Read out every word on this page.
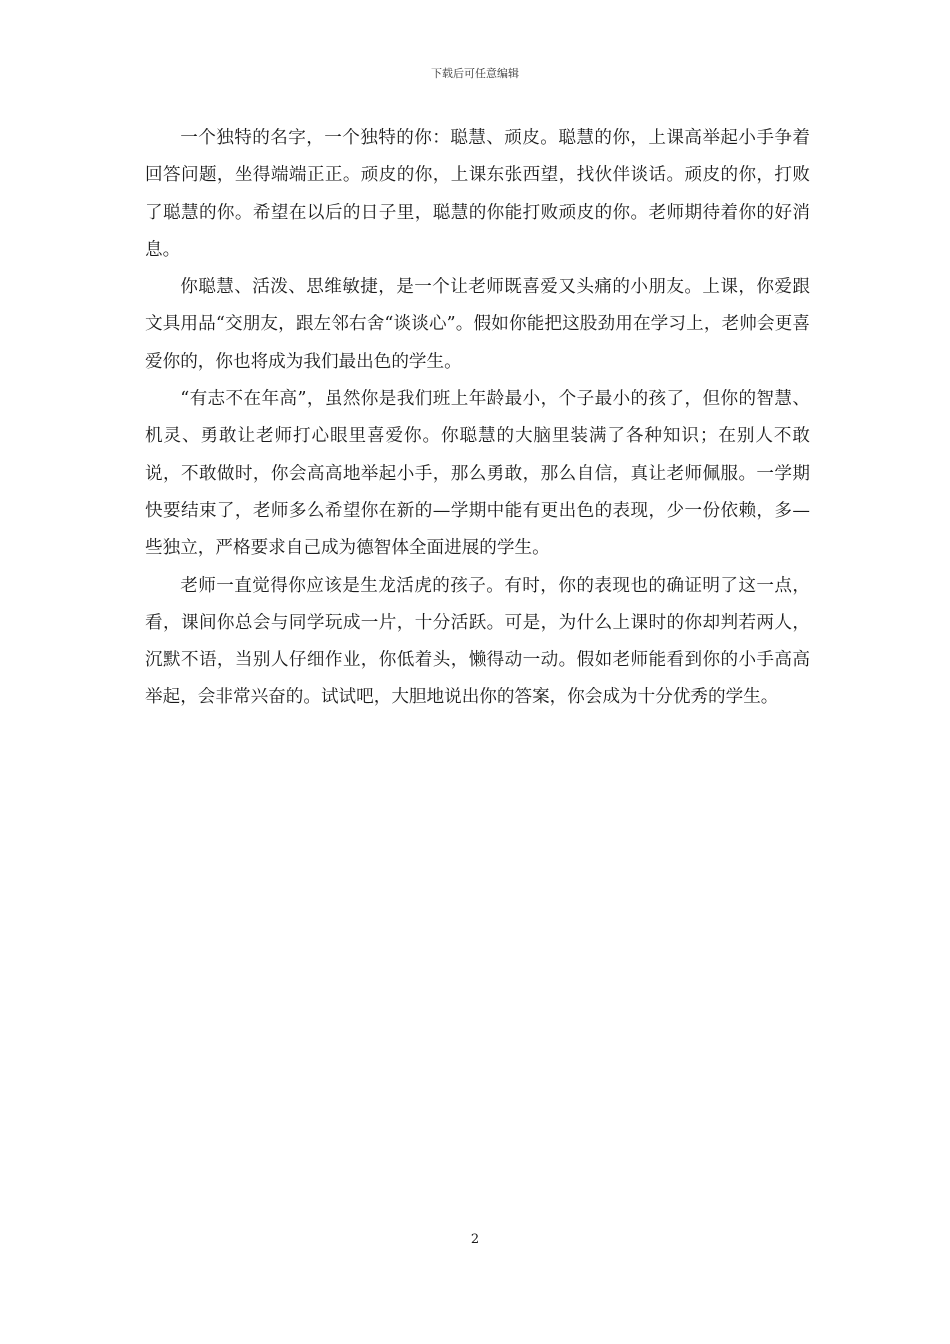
下载后可任意编辑

一个独特的名字，一个独特的你：聪慧、顽皮。聪慧的你，上课高举起小手争着回答问题，坐得端端正正。顽皮的你，上课东张西望，找伙伴谈话。顽皮的你，打败了聪慧的你。希望在以后的日子里，聪慧的你能打败顽皮的你。老师期待着你的好消息。

你聪慧、活泼、思维敏捷，是一个让老师既喜爱又头痛的小朋友。上课，你爱跟文具用品“交朋友，跟左邻右舍“谈谈心”。假如你能把这股劲用在学习上，老帅会更喜爱你的，你也将成为我们最出色的学生。

“有志不在年高”，虽然你是我们班上年龄最小，个子最小的孩了，但你的智慧、机灵、勇敢让老师打心眼里喜爱你。你聪慧的大脑里装满了各种知识；在别人不敢说，不敢做时，你会高高地举起小手，那么勇敢，那么自信，真让老师佩服。一学期快要结束了，老师多么希望你在新的—学期中能有更出色的表现，少一份依赖，多—些独立，严格要求自己成为德智体全面进展的学生。

老师一直觉得你应该是生龙活虎的孩子。有时，你的表现也的确证明了这一点，看，课间你总会与同学玩成一片，十分活跃。可是，为什么上课时的你却判若两人，沉默不语，当别人仔细作业，你低着头，懒得动一动。假如老师能看到你的小手高高举起，会非常兴奋的。试试吧，大胆地说出你的答案，你会成为十分优秀的学生。

2
